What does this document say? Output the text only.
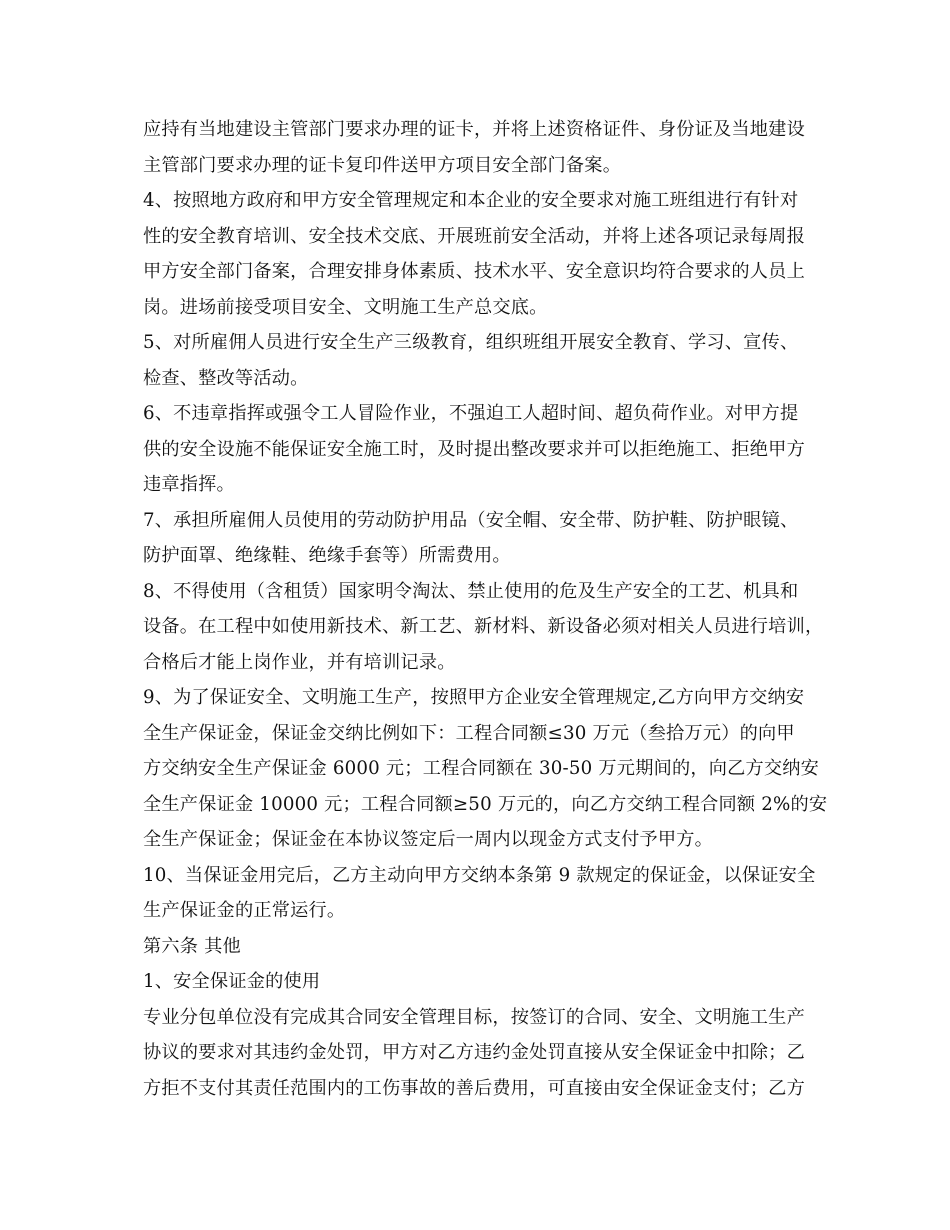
应持有当地建设主管部门要求办理的证卡，并将上述资格证件、身份证及当地建设

主管部门要求办理的证卡复印件送甲方项目安全部门备案。

4、按照地方政府和甲方安全管理规定和本企业的安全要求对施工班组进行有针对

性的安全教育培训、安全技术交底、开展班前安全活动，并将上述各项记录每周报

甲方安全部门备案，合理安排身体素质、技术水平、安全意识均符合要求的人员上

岗。进场前接受项目安全、文明施工生产总交底。

5、对所雇佣人员进行安全生产三级教育，组织班组开展安全教育、学习、宣传、

检查、整改等活动。

6、不违章指挥或强令工人冒险作业，不强迫工人超时间、超负荷作业。对甲方提

供的安全设施不能保证安全施工时，及时提出整改要求并可以拒绝施工、拒绝甲方

违章指挥。

7、承担所雇佣人员使用的劳动防护用品（安全帽、安全带、防护鞋、防护眼镜、

防护面罩、绝缘鞋、绝缘手套等）所需费用。

8、不得使用（含租赁）国家明令淘汰、禁止使用的危及生产安全的工艺、机具和

设备。在工程中如使用新技术、新工艺、新材料、新设备必须对相关人员进行培训，

合格后才能上岗作业，并有培训记录。

9、为了保证安全、文明施工生产，按照甲方企业安全管理规定,乙方向甲方交纳安

全生产保证金，保证金交纳比例如下：工程合同额≤30 万元（叁拾万元）的向甲

方交纳安全生产保证金 6000 元；工程合同额在 30-50 万元期间的，向乙方交纳安

全生产保证金 10000 元；工程合同额≥50 万元的，向乙方交纳工程合同额 2%的安

全生产保证金；保证金在本协议签定后一周内以现金方式支付予甲方。

10、当保证金用完后，乙方主动向甲方交纳本条第 9 款规定的保证金，以保证安全

生产保证金的正常运行。

第六条 其他

1、安全保证金的使用

专业分包单位没有完成其合同安全管理目标，按签订的合同、安全、文明施工生产

协议的要求对其违约金处罚，甲方对乙方违约金处罚直接从安全保证金中扣除；乙

方拒不支付其责任范围内的工伤事故的善后费用，可直接由安全保证金支付；乙方
